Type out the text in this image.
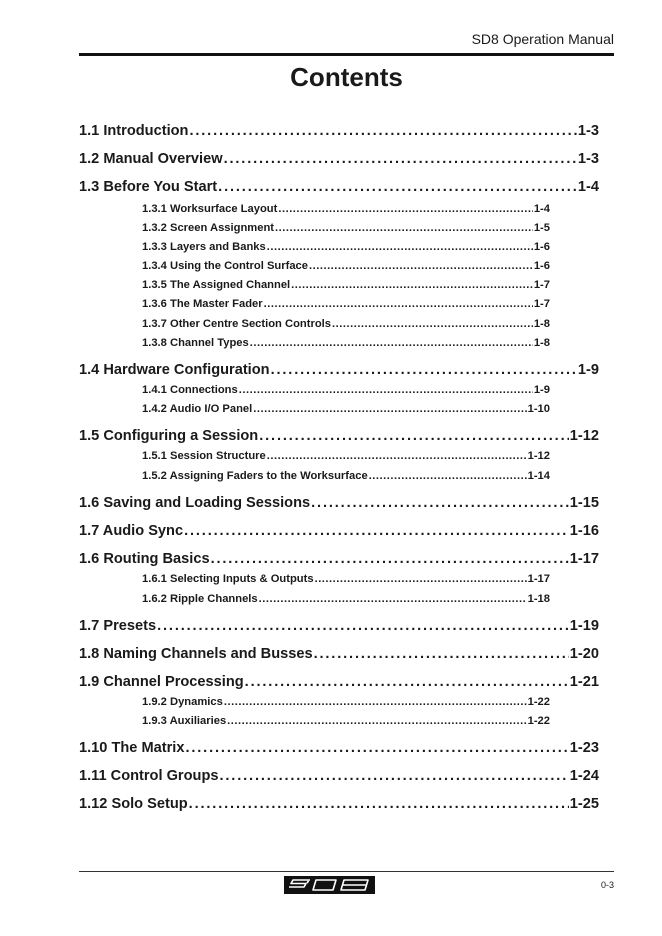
SD8 Operation Manual
Contents
1.1 Introduction . . .	1-3
1.2 Manual Overview . . .	1-3
1.3 Before You Start . . .	1-4
1.3.1 Worksurface Layout . . .	1-4
1.3.2 Screen Assignment . . .	1-5
1.3.3 Layers and Banks . . .	1-6
1.3.4 Using the Control Surface . . .	1-6
1.3.5 The Assigned Channel . . .	1-7
1.3.6 The Master Fader . . .	1-7
1.3.7 Other Centre Section Controls . . .	1-8
1.3.8 Channel Types . . .	1-8
1.4 Hardware Configuration . . .	1-9
1.4.1 Connections . . .	1-9
1.4.2 Audio I/O Panel . . .	1-10
1.5 Configuring a Session . . .	1-12
1.5.1 Session Structure . . .	1-12
1.5.2 Assigning Faders to the Worksurface . . .	1-14
1.6 Saving and Loading Sessions . . .	1-15
1.7 Audio Sync . . .	1-16
1.6 Routing Basics . . .	1-17
1.6.1 Selecting Inputs & Outputs . . .	1-17
1.6.2 Ripple Channels . . .	1-18
1.7 Presets . . .	1-19
1.8 Naming Channels and Busses . . .	1-20
1.9 Channel Processing . . .	1-21
1.9.2 Dynamics . . .	1-22
1.9.3 Auxiliaries . . .	1-22
1.10 The Matrix . . .	1-23
1.11 Control Groups . . .	1-24
1.12 Solo Setup . . .	1-25
0-3
